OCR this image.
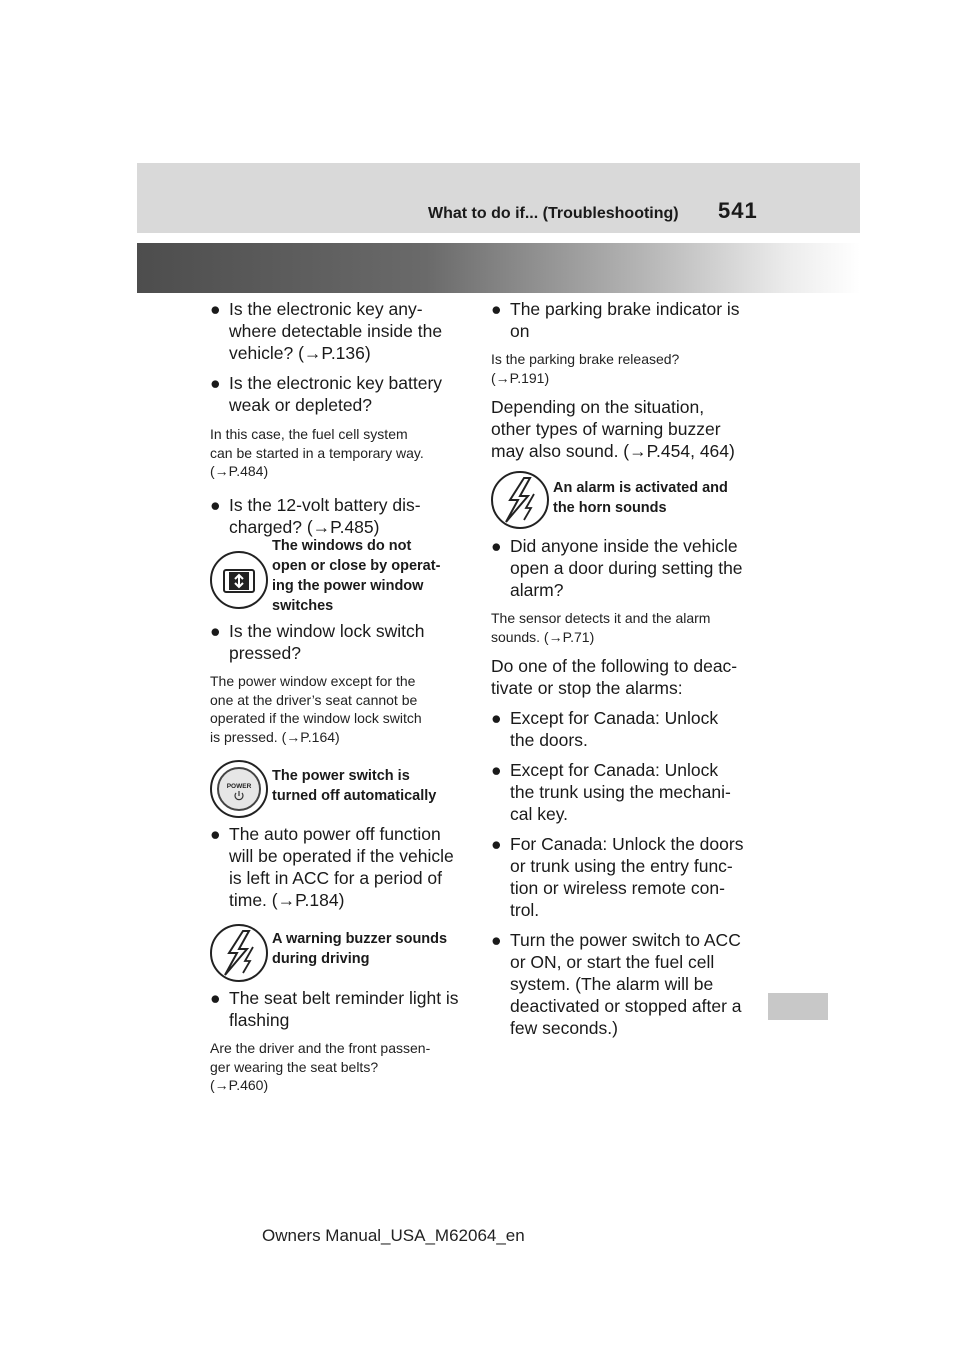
What to do if... (Troubleshooting) 541

● Is the electronic key any-
where detectable inside the
vehicle? (→P.136)

● Is the electronic key battery
weak or depleted?

In this case, the fuel cell system
can be started in a temporary way.
(→P.484)

● Is the 12-volt battery dis-
charged? (→P.485)

The windows do not
open or close by operat-
ing the power window
switches

● Is the window lock switch
pressed?

The power window except for the
one at the driver’s seat cannot be
operated if the window lock switch
is pressed. (→P.164)

POWER

The power switch is
turned off automatically

● The auto power off function
will be operated if the vehicle
is left in ACC for a period of
time. (→P.184)

A warning buzzer sounds
during driving

● The seat belt reminder light is
flashing

Are the driver and the front passen-
ger wearing the seat belts?
(→P.460)

● The parking brake indicator is
on

Is the parking brake released?
(→P.191)

Depending on the situation,
other types of warning buzzer
may also sound. (→P.454, 464)

An alarm is activated and
the horn sounds

● Did anyone inside the vehicle
open a door during setting the
alarm?

The sensor detects it and the alarm
sounds. (→P.71)

Do one of the following to deac-
tivate or stop the alarms:

● Except for Canada: Unlock
the doors.

● Except for Canada: Unlock
the trunk using the mechani-
cal key.

● For Canada: Unlock the doors
or trunk using the entry func-
tion or wireless remote con-
trol.

● Turn the power switch to ACC
or ON, or start the fuel cell
system. (The alarm will be
deactivated or stopped after a
few seconds.)

Owners Manual_USA_M62064_en
